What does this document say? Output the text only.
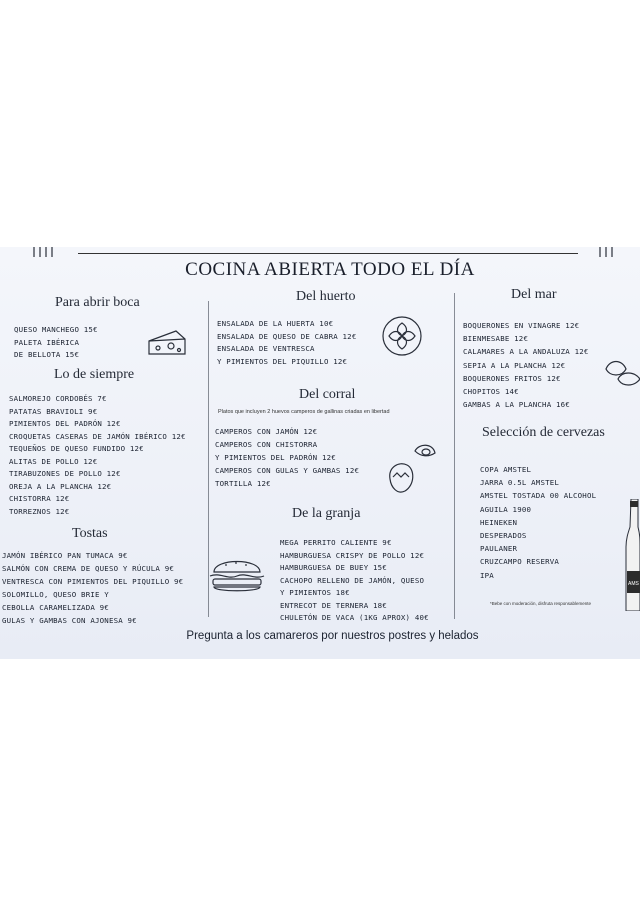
COCINA ABIERTA TODO EL DÍA
Para abrir boca
QUESO MANCHEGO 15€
PALETA IBÉRICA
DE BELLOTA 15€
Lo de siempre
SALMOREJO CORDOBÉS 7€
PATATAS BRAVIOLI 9€
PIMIENTOS DEL PADRÓN 12€
CROQUETAS CASERAS DE JAMÓN IBÉRICO 12€
TEQUEÑOS DE QUESO FUNDIDO 12€
ALITAS DE POLLO 12€
TIRABUZONES DE POLLO 12€
OREJA A LA PLANCHA 12€
CHISTORRA 12€
TORREZNOS 12€
Tostas
JAMÓN IBÉRICO PAN TUMACA 9€
SALMÓN CON CREMA DE QUESO Y RÚCULA 9€
VENTRESCA CON PIMIENTOS DEL PIQUILLO 9€
SOLOMILLO, QUESO BRIE Y
CEBOLLA CARAMELIZADA 9€
GULAS Y GAMBAS CON AJONESA 9€
Del huerto
ENSALADA DE LA HUERTA 10€
ENSALADA DE QUESO DE CABRA 12€
ENSALADA DE VENTRESCA
Y PIMIENTOS DEL PIQUILLO 12€
Del corral
Platos que incluyen 2 huevos camperos de gallinas criadas en libertad
CAMPEROS CON JAMÓN 12€
CAMPEROS CON CHISTORRA
Y PIMIENTOS DEL PADRÓN 12€
CAMPEROS CON GULAS Y GAMBAS 12€
TORTILLA 12€
De la granja
MEGA PERRITO CALIENTE 9€
HAMBURGUESA CRISPY DE POLLO 12€
HAMBURGUESA DE BUEY 15€
CACHOPO RELLENO DE JAMÓN, QUESO
Y PIMIENTOS 18€
ENTRECOT DE TERNERA 18€
CHULETÓN DE VACA (1KG APROX) 40€
Del mar
BOQUERONES EN VINAGRE 12€
BIENMESABE 12€
CALAMARES A LA ANDALUZA 12€
SEPIA A LA PLANCHA 12€
BOQUERONES FRITOS 12€
CHOPITOS 14€
GAMBAS A LA PLANCHA 16€
Selección de cervezas
COPA AMSTEL
JARRA 0.5L AMSTEL
AMSTEL TOSTADA 00 ALCOHOL
AGUILA 1900
HEINEKEN
DESPERADOS
PAULANER
CRUZCAMPO RESERVA
IPA
*Bebe con moderación, disfruta responsablemente
AMS
Pregunta a los camareros por nuestros postres y helados
